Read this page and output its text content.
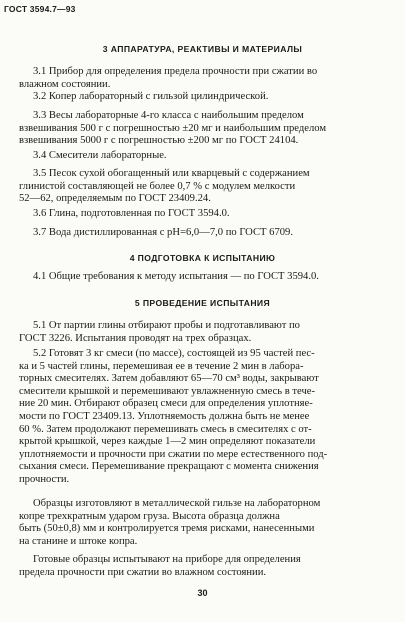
ГОСТ 3594.7—93
3 АППАРАТУРА, РЕАКТИВЫ И МАТЕРИАЛЫ
3.1 Прибор для определения предела прочности при сжатии во
влажном состоянии.
3.2 Копер лабораторный с гильзой цилиндрической.
3.3 Весы лабораторные 4-го класса с наибольшим пределом
взвешивания 500 г с погрешностью ±20 мг и наибольшим пределом
взвешивания 5000 г с погрешностью ±200 мг по ГОСТ 24104.
3.4 Смесители лабораторные.
3.5 Песок сухой обогащенный или кварцевый с содержанием
глинистой составляющей не более 0,7 % с модулем мелкости
52—62, определяемым по ГОСТ 23409.24.
3.6 Глина, подготовленная по ГОСТ 3594.0.
3.7 Вода дистиллированная с pH=6,0—7,0 по ГОСТ 6709.
4 ПОДГОТОВКА К ИСПЫТАНИЮ
4.1 Общие требования к методу испытания — по ГОСТ 3594.0.
5 ПРОВЕДЕНИЕ ИСПЫТАНИЯ
5.1 От партии глины отбирают пробы и подготавливают по
ГОСТ 3226. Испытания проводят на трех образцах.
5.2 Готовят 3 кг смеси (по массе), состоящей из 95 частей пес-
ка и 5 частей глины, перемешивая ее в течение 2 мин в лабора-
торных смесителях. Затем добавляют 65—70 см³ воды, закрывают
смесители крышкой и перемешивают увлажненную смесь в тече-
ние 20 мин. Отбирают образец смеси для определения уплотняе-
мости по ГОСТ 23409.13. Уплотняемость должна быть не менее
60 %. Затем продолжают перемешивать смесь в смесителях с от-
крытой крышкой, через каждые 1—2 мин определяют показатели
уплотняемости и прочности при сжатии по мере естественного под-
сыхания смеси. Перемешивание прекращают с момента снижения
прочности.
Образцы изготовляют в металлической гильзе на лабораторном
копре трехкратным ударом груза. Высота образца должна
быть (50±0,8) мм и контролируется тремя рисками, нанесенными
на станине и штоке копра.
Готовые образцы испытывают на приборе для определения
предела прочности при сжатии во влажном состоянии.
30
